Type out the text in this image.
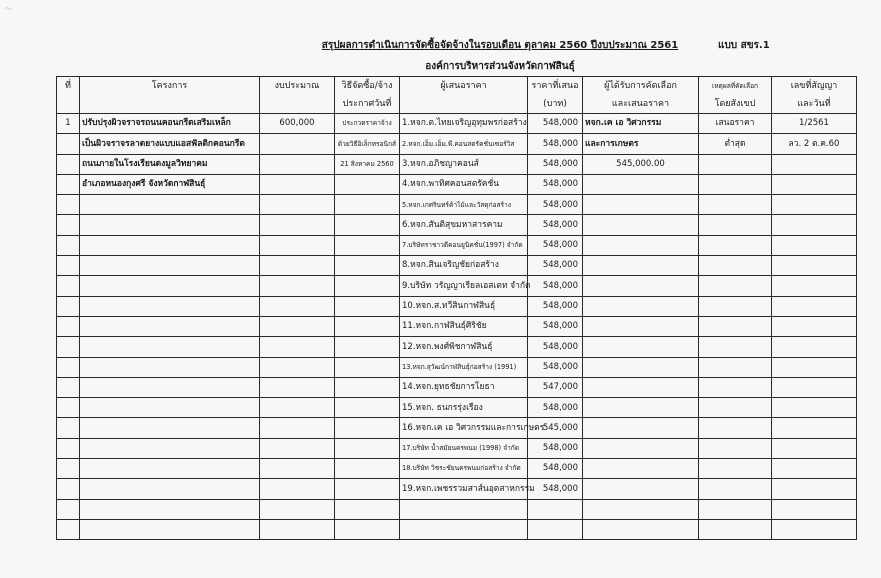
〜
สรุปผลการดำเนินการจัดซื้อจัดจ้างในรอบเดือน ตุลาคม 2560 ปีงบประมาณ 2561	แบบ สขร.1
องค์การบริหารส่วนจังหวัดกาฬสินธุ์
ที่	โครงการ	งบประมาณ	วิธีจัดซื้อ/จ้าง	ผู้เสนอราคา	ราคาที่เสนอ	ผู้ได้รับการคัดเลือก	เหตุผลที่คัดเลือก	เลขที่สัญญา
			ประกาศวันที่		(บาท)	และเสนอราคา	โดยสังเขป	และวันที่
1	ปรับปรุงผิวจราจรถนนคอนกรีตเสริมเหล็ก	600,000	ประกวดราคาจ้าง	1.หจก.ต.ไทยเจริญอุทุมพรก่อสร้าง	548,000	หจก.เค เอ วิศวกรรม	เสนอราคา	1/2561
	เป็นผิวจราจรลาดยางแบบแอสฟัลติกคอนกรีต		ด้วยวิธีอิเล็กทรอนิกส์	2.หจก.เอ็ม.เอ็ม.พี.คอนสตรัคชั่นเซอร์วิส	548,000	และการเกษตร	ต่ำสุด	ลว. 2 ต.ค.60
	ถนนภายในโรงเรียนดงมูลวิทยาคม		21 สิงหาคม 2560	3.หจก.อภิชญาคอนส์	548,000	545,000.00		
	อำเภอหนองกุงศรี จังหวัดกาฬสินธุ์			4.หจก.พาทิศคอนสตรัคชั่น	548,000			
				5.หจก.เกศรินทร์ค้าไม้และวัสดุก่อสร้าง	548,000			
				6.หจก.สันติสุขมหาสารคาม	548,000			
				7.บริษัทราชาวดีคอนยูนิคชั่น(1997) จำกัด	548,000			
				8.หจก.สินเจริญชัยก่อสร้าง	548,000			
				9.บริษัท วรัญญาเรียลเอสเตท จำกัด	548,000			
				10.หจก.ส.ทวีสินกาฬสินธุ์	548,000			
				11.หจก.กาฬสินธุ์ศิริชัย	548,000			
				12.หจก.พงศ์พิชกาฬสินธุ์	548,000			
				13.หจก.สุวัฒน์กาฬสินธุ์ก่อสร้าง (1991)	548,000			
				14.หจก.ยุทธชัยการโยธา	547,000			
				15.หจก. ธนกรรุ่งเรือง	548,000			
				16.หจก.เค เอ วิศวกรรมและการเกษตร	545,000			
				17.บริษัท น้ำสมัยนครพนม (1998) จำกัด	548,000			
				18.บริษัท วิชระชัยนครพนมก่อสร้าง จำกัด	548,000			
				19.หจก.เพชรรวมสาส์นอุตสาหกรรม	548,000			
